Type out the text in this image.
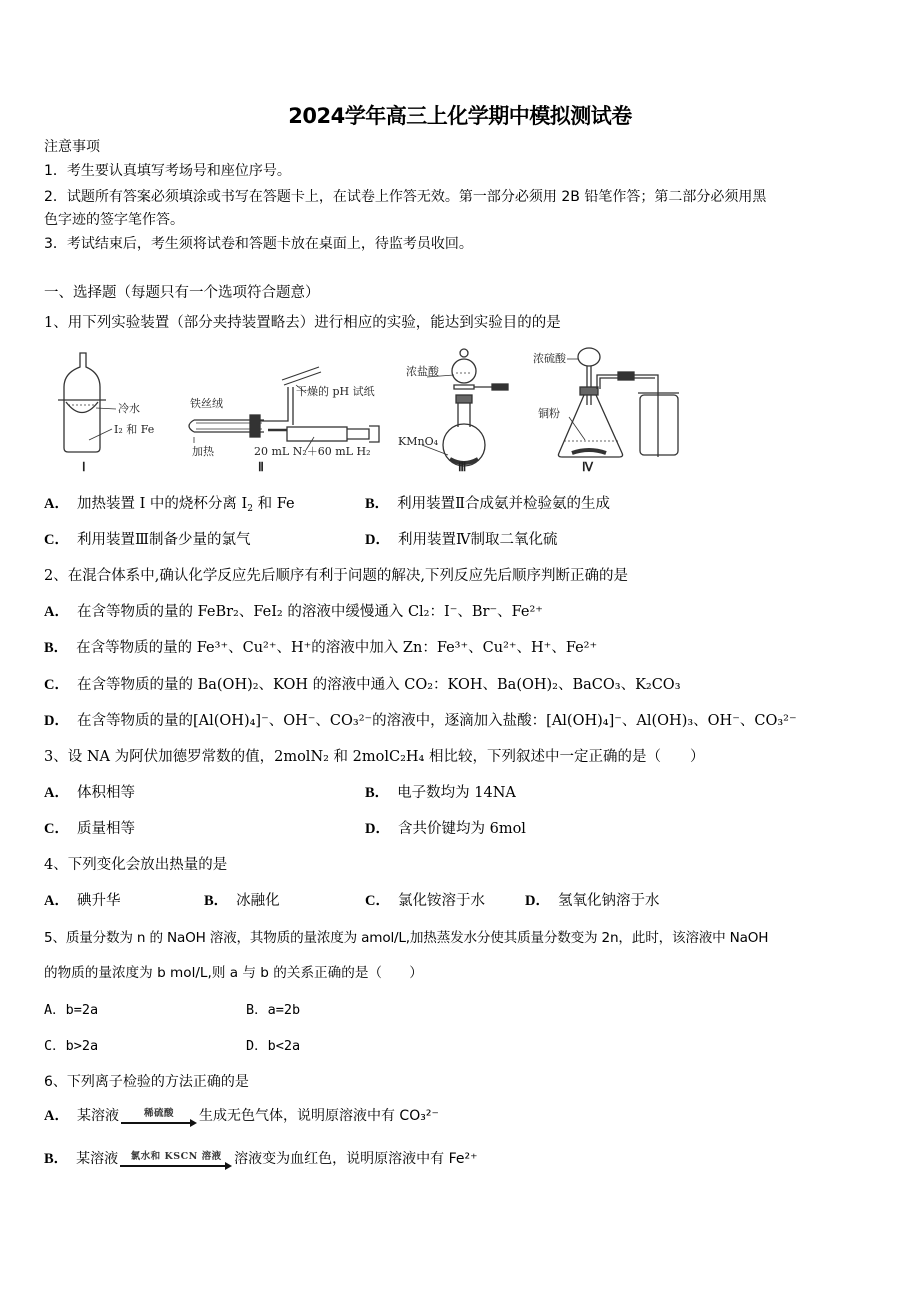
2024学年高三上化学期中模拟测试卷
注意事项
1．考生要认真填写考场号和座位序号。
2．试题所有答案必须填涂或书写在答题卡上，在试卷上作答无效。第一部分必须用 2B 铅笔作答；第二部分必须用黑
色字迹的签字笔作答。
3．考试结束后，考生须将试卷和答题卡放在桌面上，待监考员收回。
一、选择题（每题只有一个选项符合题意）
1、用下列实验装置（部分夹持装置略去）进行相应的实验，能达到实验目的的是
冷水
I₂ 和 Fe
Ⅰ
铁丝绒
干燥的 pH 试纸
加热	20 mL N₂＋60 mL H₂
Ⅱ
浓盐酸
KMnO₄
Ⅲ
浓硫酸
铜粉
Ⅳ
A． 加热装置 I 中的烧杯分离 $I_2$ 和 Fe	B． 利用装置Ⅱ合成氨并检验氨的生成
C． 利用装置Ⅲ制备少量的氯气	D． 利用装置Ⅳ制取二氧化硫
2、在混合体系中,确认化学反应先后顺序有利于问题的解决,下列反应先后顺序判断正确的是
A． 在含等物质的量的 FeBr₂、FeI₂ 的溶液中缓慢通入 Cl₂：I⁻、Br⁻、Fe²⁺
B． 在含等物质的量的 Fe³⁺、Cu²⁺、H⁺的溶液中加入 Zn：Fe³⁺、Cu²⁺、H⁺、Fe²⁺
C． 在含等物质的量的 Ba(OH)₂、KOH 的溶液中通入 CO₂：KOH、Ba(OH)₂、BaCO₃、K₂CO₃
D． 在含等物质的量的[Al(OH)₄]⁻、OH⁻、CO₃²⁻的溶液中，逐滴加入盐酸：[Al(OH)₄]⁻、Al(OH)₃、OH⁻、CO₃²⁻
3、设 NA 为阿伏加德罗常数的值，2molN₂ 和 2molC₂H₄ 相比较，下列叙述中一定正确的是（　　）
A． 体积相等	B． 电子数均为 14NA
C． 质量相等	D． 含共价键均为 6mol
4、下列变化会放出热量的是
A． 碘升华	B． 冰融化	C． 氯化铵溶于水	D． 氢氧化钠溶于水
5、质量分数为 n 的 NaOH 溶液，其物质的量浓度为 amol/L,加热蒸发水分使其质量分数变为 2n，此时，该溶液中 NaOH
的物质的量浓度为 b mol/L,则 a 与 b 的关系正确的是（　　）
A．b=2a	B．a=2b
C．b>2a	D．b<2a
6、下列离子检验的方法正确的是
A． 某溶液	稀硫酸	生成无色气体，说明原溶液中有 CO₃²⁻
B． 某溶液	氯水和 KSCN 溶液 溶液变为血红色，说明原溶液中有 Fe²⁺
